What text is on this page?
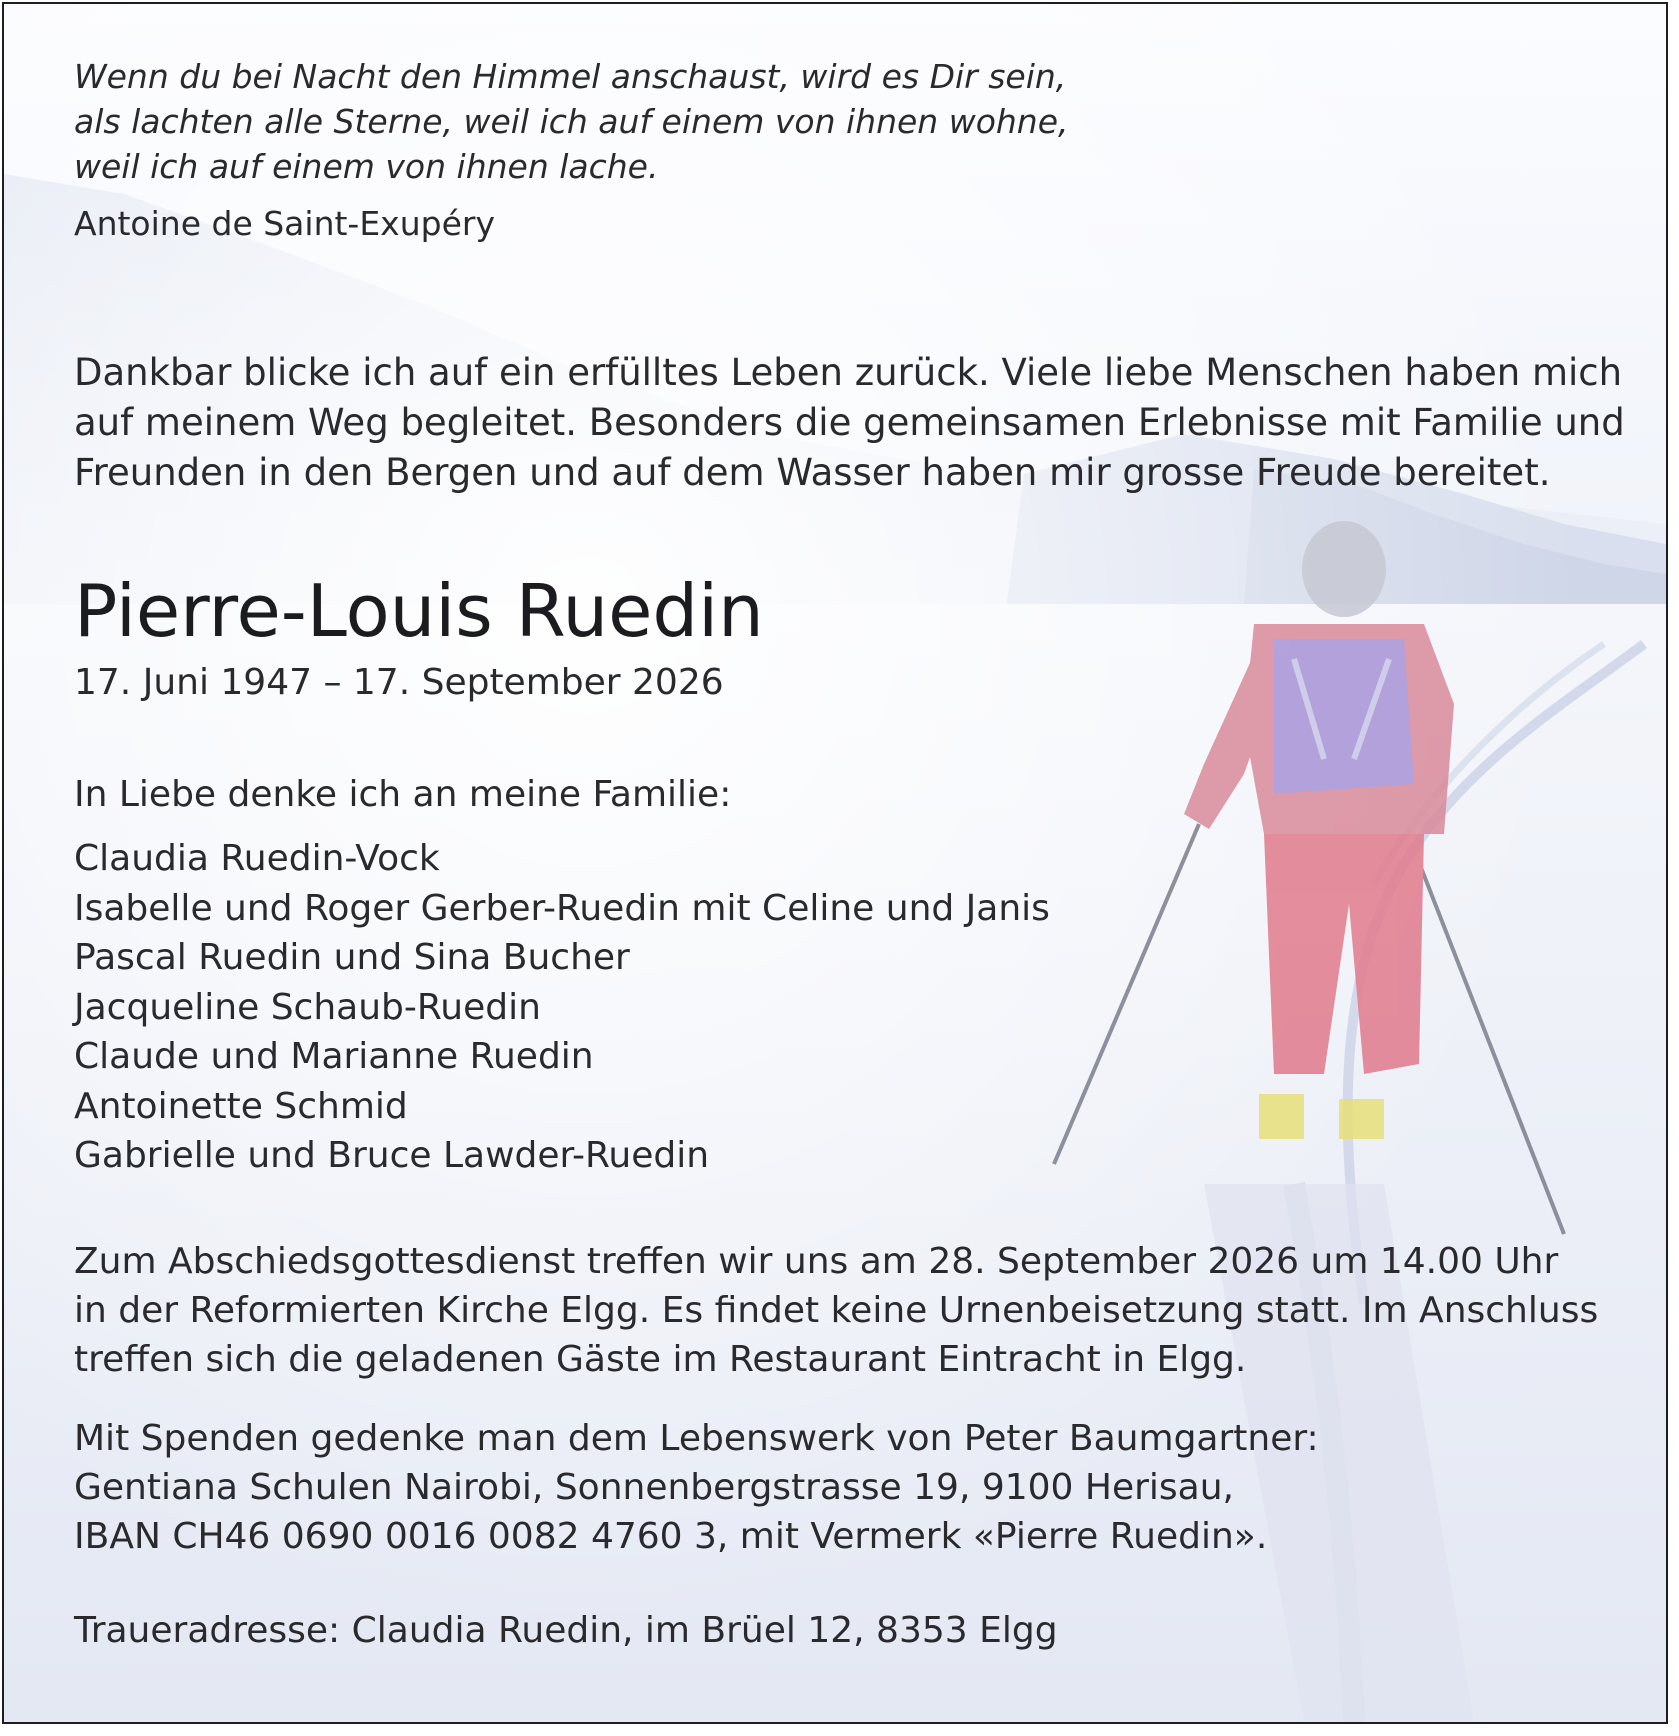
Wenn du bei Nacht den Himmel anschaust, wird es Dir sein,
als lachten alle Sterne, weil ich auf einem von ihnen wohne,
weil ich auf einem von ihnen lache.

Antoine de Saint-Exupéry

Dankbar blicke ich auf ein erfülltes Leben zurück. Viele liebe Menschen haben mich
auf meinem Weg begleitet. Besonders die gemeinsamen Erlebnisse mit Familie und
Freunden in den Bergen und auf dem Wasser haben mir grosse Freude bereitet.
Pierre-Louis Ruedin

17. Juni 1947 – 17. September 2026

In Liebe denke ich an meine Familie:

Claudia Ruedin-Vock
Isabelle und Roger Gerber-Ruedin mit Celine und Janis
Pascal Ruedin und Sina Bucher
Jacqueline Schaub-Ruedin
Claude und Marianne Ruedin
Antoinette Schmid
Gabrielle und Bruce Lawder-Ruedin
Zum Abschiedsgottesdienst treffen wir uns am 28. September 2026 um 14.00 Uhr
in der Reformierten Kirche Elgg. Es findet keine Urnenbeisetzung statt. Im Anschluss
treffen sich die geladenen Gäste im Restaurant Eintracht in Elgg.
Mit Spenden gedenke man dem Lebenswerk von Peter Baumgartner:
Gentiana Schulen Nairobi, Sonnenbergstrasse 19, 9100 Herisau,
IBAN CH46 0690 0016 0082 4760 3, mit Vermerk «Pierre Ruedin».

Traueradresse: Claudia Ruedin, im Brüel 12, 8353 Elgg
